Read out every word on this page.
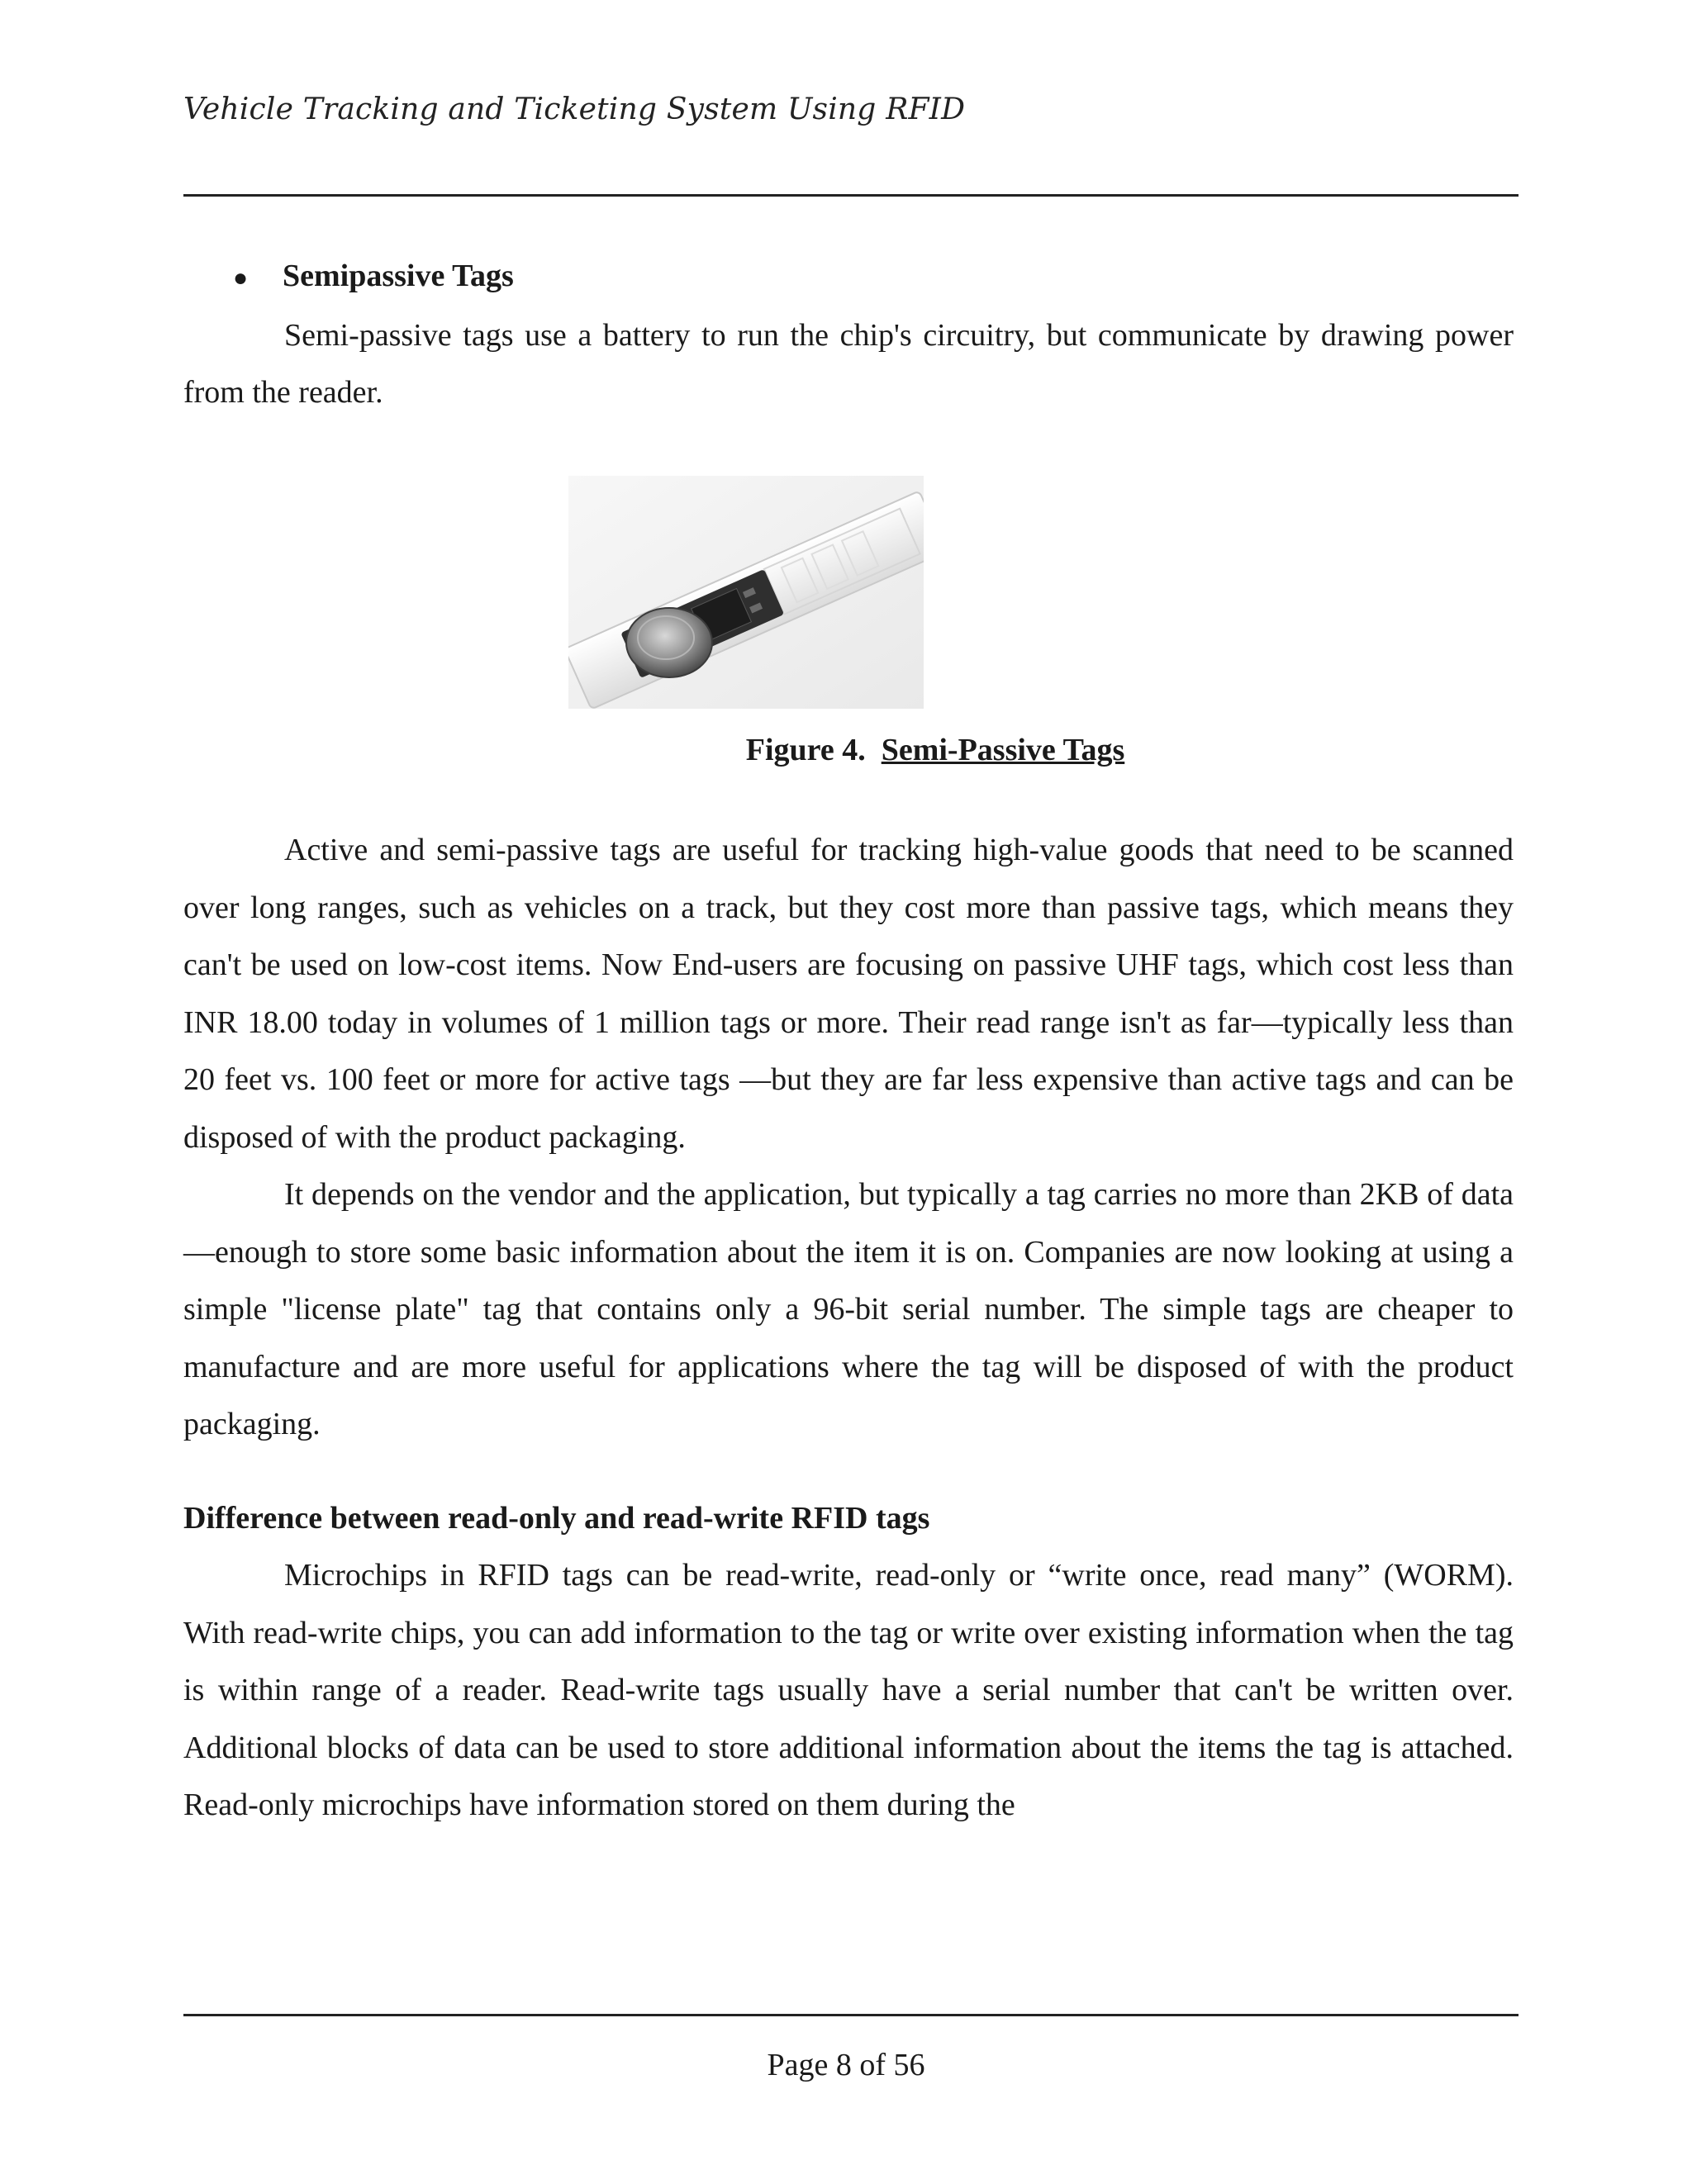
Vehicle Tracking and Ticketing System Using RFID
●	Semipassive Tags

Semi-passive tags use a battery to run the chip's circuitry, but communicate by drawing power from the reader.

Figure 4. Semi-Passive Tags

Active and semi-passive tags are useful for tracking high-value goods that need to be scanned over long ranges, such as vehicles on a track, but they cost more than passive tags, which means they can't be used on low-cost items. Now End-users are focusing on passive UHF tags, which cost less than INR 18.00 today in volumes of 1 million tags or more. Their read range isn't as far—typically less than 20 feet vs. 100 feet or more for active tags —but they are far less expensive than active tags and can be disposed of with the product packaging.

It depends on the vendor and the application, but typically a tag carries no more than 2KB of data—enough to store some basic information about the item it is on. Companies are now looking at using a simple "license plate" tag that contains only a 96-bit serial number. The simple tags are cheaper to manufacture and are more useful for applications where the tag will be disposed of with the product packaging.

Difference between read-only and read-write RFID tags

Microchips in RFID tags can be read-write, read-only or “write once, read many” (WORM). With read-write chips, you can add information to the tag or write over existing information when the tag is within range of a reader. Read-write tags usually have a serial number that can't be written over. Additional blocks of data can be used to store additional information about the items the tag is attached. Read-only microchips have information stored on them during the

Page 8 of 56
